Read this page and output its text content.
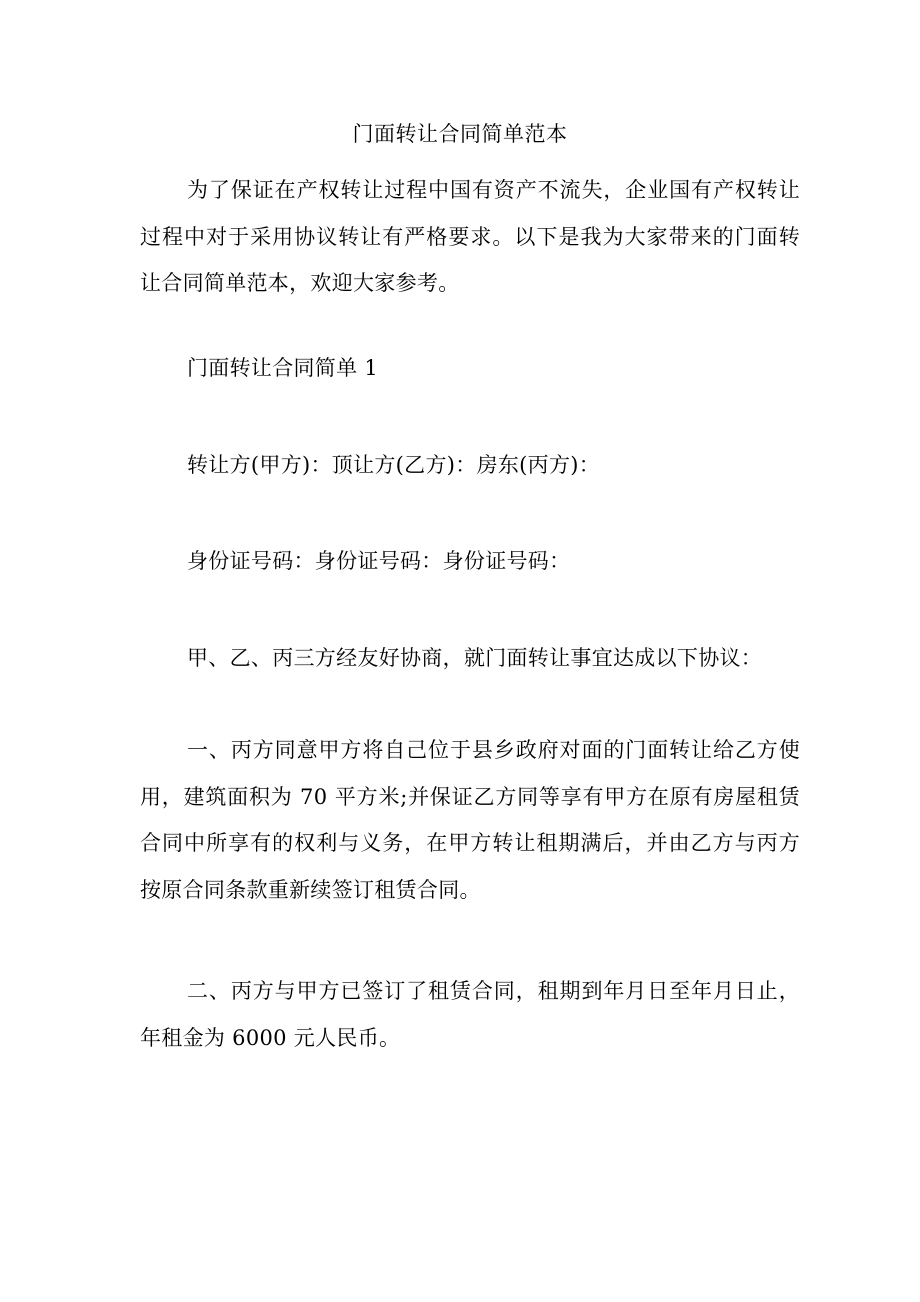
门面转让合同简单范本

为了保证在产权转让过程中国有资产不流失，企业国有产权转让过程中对于采用协议转让有严格要求。以下是我为大家带来的门面转让合同简单范本，欢迎大家参考。

门面转让合同简单 1

转让方(甲方)：顶让方(乙方)：房东(丙方)：

身份证号码：身份证号码：身份证号码：

甲、乙、丙三方经友好协商，就门面转让事宜达成以下协议：

一、丙方同意甲方将自己位于县乡政府对面的门面转让给乙方使用，建筑面积为 70 平方米;并保证乙方同等享有甲方在原有房屋租赁合同中所享有的权利与义务，在甲方转让租期满后，并由乙方与丙方按原合同条款重新续签订租赁合同。

二、丙方与甲方已签订了租赁合同，租期到年月日至年月日止，年租金为 6000 元人民币。
